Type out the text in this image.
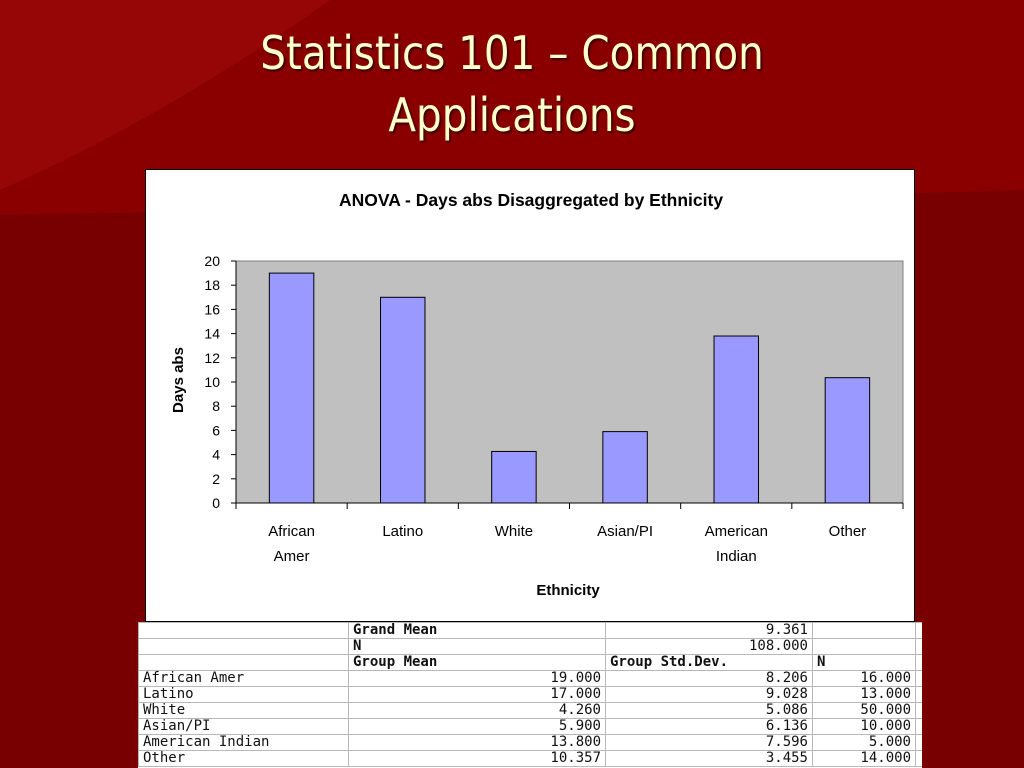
Statistics 101 – Common
Applications
ANOVA - Days abs Disaggregated by Ethnicity
Days abs
Ethnicity
0
2
4
6
8
10
12
14
16
18
20
African Amer
Latino	White	Asian/PI	American Indian
Other
	Grand Mean	9.361		
	N	108.000		
	Group Mean	Group Std.Dev.	N	
African Amer	19.000	8.206	16.000	
Latino	17.000	9.028	13.000	
White	4.260	5.086	50.000	
Asian/PI	5.900	6.136	10.000	
American Indian	13.800	7.596	5.000	
Other	10.357	3.455	14.000	
